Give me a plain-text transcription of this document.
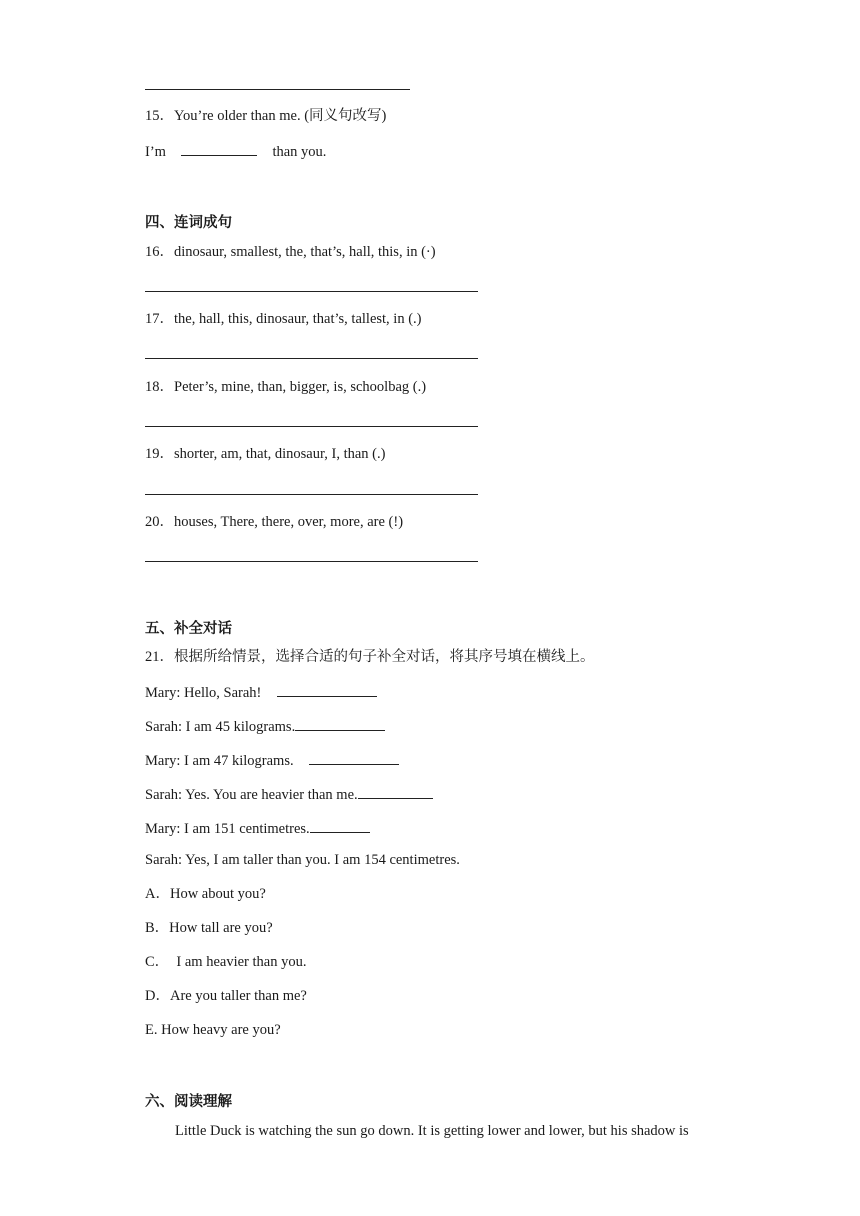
15．You’re older than me. (同义句改写)
I’m	than you.
四、连词成句
16．dinosaur, smallest, the, that’s, hall, this, in (·)
17．the, hall, this, dinosaur, that’s, tallest, in (.)
18．Peter’s, mine, than, bigger, is, schoolbag (.)
19．shorter, am, that, dinosaur, I, than (.)
20．houses, There, there, over, more, are (!)
五、补全对话
21．根据所给情景，选择合适的句子补全对话，将其序号填在横线上。
Mary: Hello, Sarah!
Sarah: I am 45 kilograms.
Mary: I am 47 kilograms.
Sarah: Yes. You are heavier than me.
Mary: I am 151 centimetres.
Sarah: Yes, I am taller than you. I am 154 centimetres.
A．How about you?
B．How tall are you?
C．  I am heavier than you.
D．Are you taller than me?
E. How heavy are you?
六、阅读理解
Little Duck is watching the sun go down. It is getting lower and lower, but his shadow is
